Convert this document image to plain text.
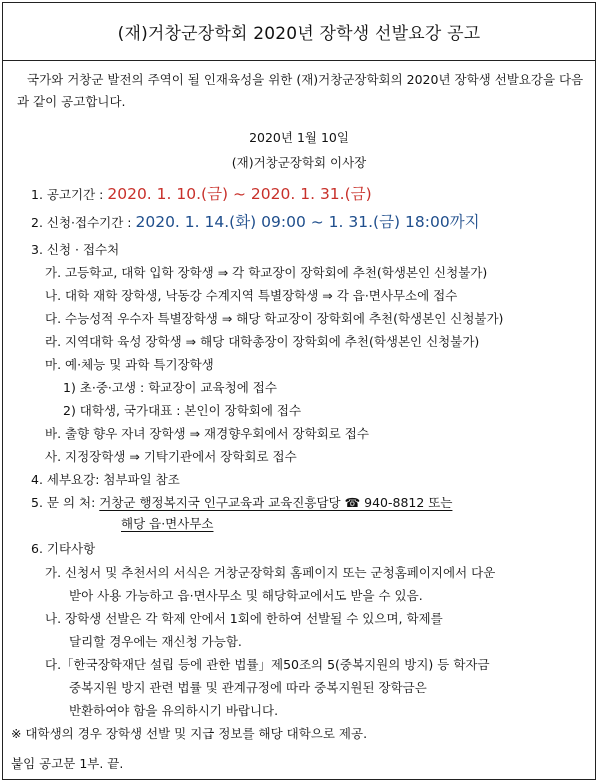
(재)거창군장학회 2020년 장학생 선발요강 공고
국가와 거창군 발전의 주역이 될 인재육성을 위한 (재)거창군장학회의 2020년 장학생 선발요강을 다음과 같이 공고합니다.
2020년 1월 10일
(재)거창군장학회 이사장
1. 공고기간 : 2020. 1. 10.(금) ~ 2020. 1. 31.(금)
2. 신청·접수기간 : 2020. 1. 14.(화) 09:00 ~ 1. 31.(금) 18:00까지
3. 신청 · 접수처
가. 고등학교, 대학 입학 장학생 ⇒ 각 학교장이 장학회에 추천(학생본인 신청불가)
나. 대학 재학 장학생, 낙동강 수계지역 특별장학생 ⇒ 각 읍·면사무소에 접수
다. 수능성적 우수자 특별장학생 ⇒ 해당 학교장이 장학회에 추천(학생본인 신청불가)
라. 지역대학 육성 장학생 ⇒ 해당 대학총장이 장학회에 추천(학생본인 신청불가)
마. 예·체능 및 과학 특기장학생
1) 초·중·고생 : 학교장이 교육청에 접수
2) 대학생, 국가대표 : 본인이 장학회에 접수
바. 출향 향우 자녀 장학생 ⇒ 재경향우회에서 장학회로 접수
사. 지정장학생 ⇒ 기탁기관에서 장학회로 접수
4. 세부요강: 첨부파일 참조
5. 문 의 처: 거창군 행정복지국 인구교육과 교육진흥담당 ☎ 940-8812 또는
해당 읍·면사무소
6. 기타사항
가. 신청서 및 추천서의 서식은 거창군장학회 홈페이지 또는 군청홈페이지에서 다운
받아 사용 가능하고 읍·면사무소 및 해당학교에서도 받을 수 있음.
나. 장학생 선발은 각 학제 안에서 1회에 한하여 선발될 수 있으며, 학제를
달리할 경우에는 재신청 가능함.
다.「한국장학재단 설립 등에 관한 법률」제50조의 5(중복지원의 방지) 등 학자금
중복지원 방지 관련 법률 및 관계규정에 따라 중복지원된 장학금은
반환하여야 함을 유의하시기 바랍니다.
※ 대학생의 경우 장학생 선발 및 지급 정보를 해당 대학으로 제공.
붙임 공고문 1부. 끝.
